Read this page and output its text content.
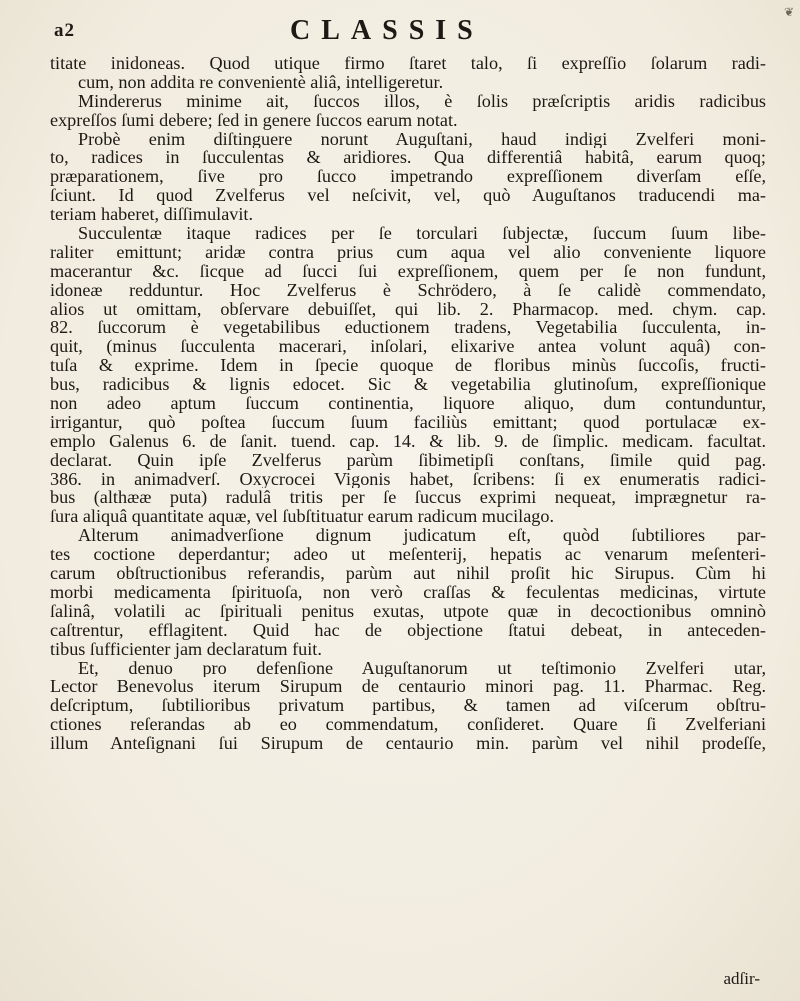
❦
a2	CLASSIS
titate inidoneas. Quod utique firmo ſtaret talo, ſi expreſſio ſolarum radi-
cum, non addita re convenientè aliâ, intelligeretur.
Mindererus minime ait, ſuccos illos, è ſolis præſcriptis aridis radicibus
expreſſos ſumi debere; ſed in genere ſuccos earum notat.
Probè enim diſtinguere norunt Auguſtani, haud indigi Zvelferi moni-
to, radices in ſucculentas & aridiores. Qua differentiâ habitâ, earum quoq;
præparationem, ſive pro ſucco impetrando expreſſionem diverſam eſſe,
ſciunt. Id quod Zvelferus vel neſcivit, vel, quò Auguſtanos traducendi ma-
teriam haberet, diſſimulavit.
Succulentæ itaque radices per ſe torculari ſubjectæ, ſuccum ſuum libe-
raliter emittunt; aridæ contra prius cum aqua vel alio conveniente liquore
macerantur &c. ſicque ad ſucci ſui expreſſionem, quem per ſe non fundunt,
idoneæ redduntur. Hoc Zvelferus è Schrödero, à ſe calidè commendato,
alios ut omittam, obſervare debuiſſet, qui lib. 2. Pharmacop. med. chym. cap.
82. ſuccorum è vegetabilibus eductionem tradens, Vegetabilia ſucculenta, in-
quit, (minus ſucculenta macerari, inſolari, elixarive antea volunt aquâ) con-
tuſa & exprime. Idem in ſpecie quoque de floribus minùs ſuccoſis, fructi-
bus, radicibus & lignis edocet. Sic & vegetabilia glutinoſum, expreſſionique
non adeo aptum ſuccum continentia, liquore aliquo, dum contunduntur,
irrigantur, quò poſtea ſuccum ſuum faciliùs emittant; quod portulacæ ex-
emplo Galenus 6. de ſanit. tuend. cap. 14. & lib. 9. de ſimplic. medicam. facultat.
declarat. Quin ipſe Zvelferus parùm ſibimetipſi conſtans, ſimile quid pag.
386. in animadverſ. Oxycrocei Vigonis habet, ſcribens: ſi ex enumeratis radici-
bus (althææ puta) radulâ tritis per ſe ſuccus exprimi nequeat, imprægnetur ra-
ſura aliquâ quantitate aquæ, vel ſubſtituatur earum radicum mucilago.
Alterum animadverſione dignum judicatum eſt, quòd ſubtiliores par-
tes coctione deperdantur; adeo ut meſenterij, hepatis ac venarum meſenteri-
carum obſtructionibus referandis, parùm aut nihil proſit hic Sirupus. Cùm hi
morbi medicamenta ſpirituoſa, non verò craſſas & feculentas medicinas, virtute
ſalinâ, volatili ac ſpirituali penitus exutas, utpote quæ in decoctionibus omninò
caſtrentur, efflagitent. Quid hac de objectione ſtatui debeat, in anteceden-
tibus ſufficienter jam declaratum fuit.
Et, denuo pro defenſione Auguſtanorum ut teſtimonio Zvelferi utar,
Lector Benevolus iterum Sirupum de centaurio minori pag. 11. Pharmac. Reg.
deſcriptum, ſubtilioribus privatum partibus, & tamen ad viſcerum obſtru-
ctiones reſerandas ab eo commendatum, conſideret. Quare ſi Zvelferiani
illum Anteſignani ſui Sirupum de centaurio min. parùm vel nihil prodeſſe,
adſir-
